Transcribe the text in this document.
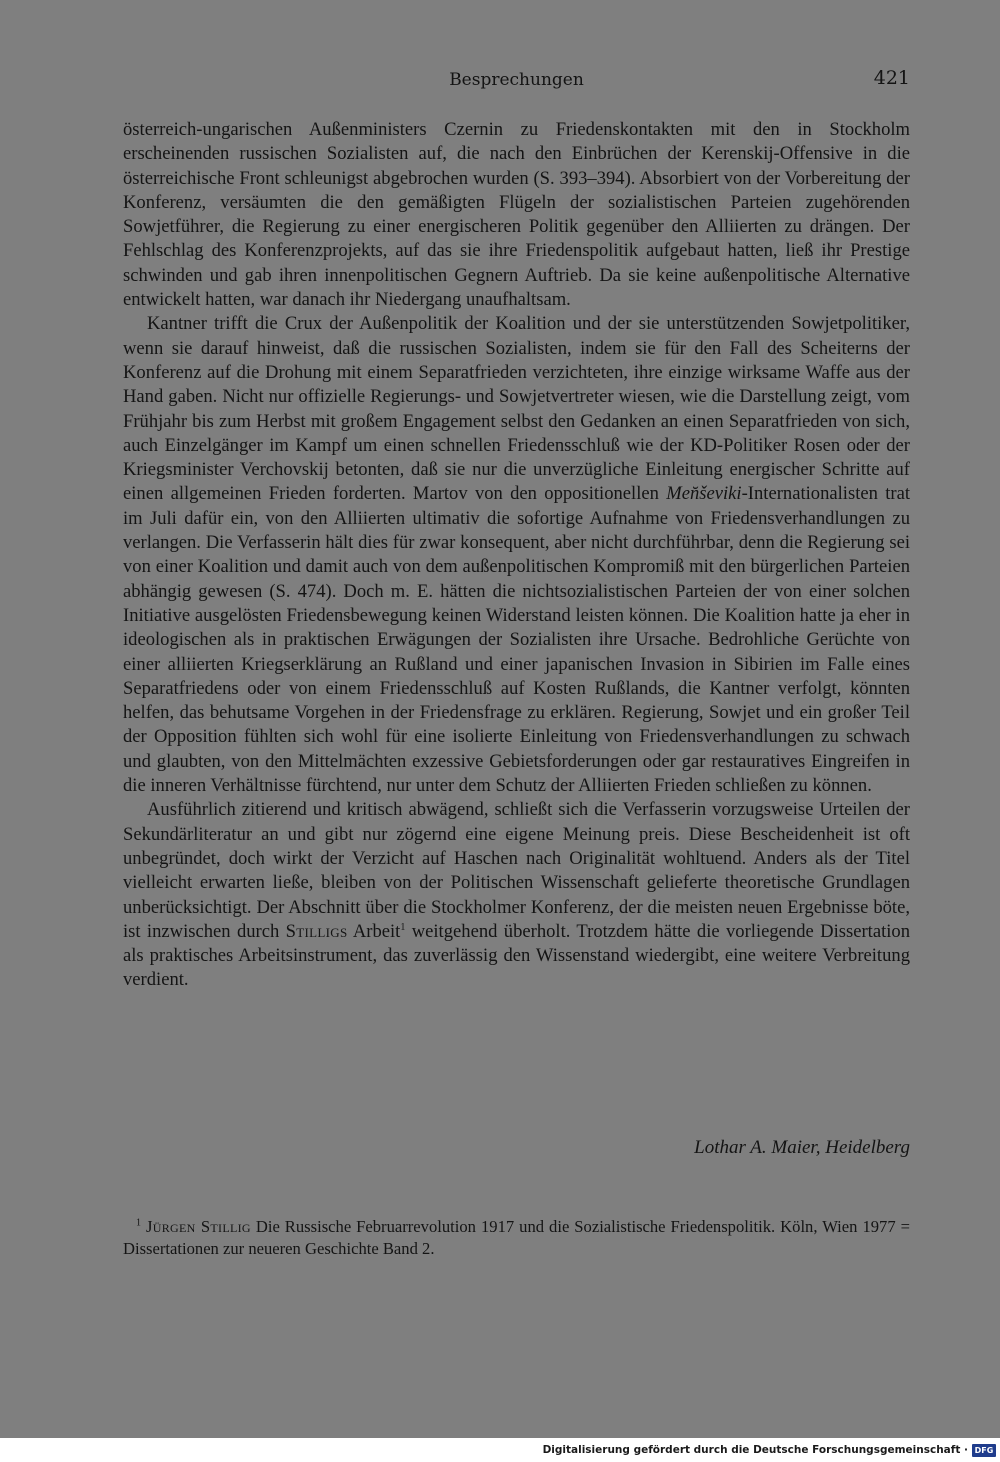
Besprechungen	421

österreich-ungarischen Außenministers Czernin zu Friedenskontakten mit den in Stockholm erscheinenden russischen Sozialisten auf, die nach den Einbrüchen der Kerenskij-Offensive in die österreichische Front schleunigst abgebrochen wurden (S. 393–394). Absorbiert von der Vorbereitung der Konferenz, versäumten die den gemäßigten Flügeln der sozialistischen Parteien zugehörenden Sowjetführer, die Regierung zu einer energischeren Politik gegenüber den Alliierten zu drängen. Der Fehlschlag des Konferenzprojekts, auf das sie ihre Friedenspolitik aufgebaut hatten, ließ ihr Prestige schwinden und gab ihren innenpolitischen Gegnern Auftrieb. Da sie keine außenpolitische Alternative entwickelt hatten, war danach ihr Niedergang unaufhaltsam.

Kantner trifft die Crux der Außenpolitik der Koalition und der sie unterstützenden Sowjetpolitiker, wenn sie darauf hinweist, daß die russischen Sozialisten, indem sie für den Fall des Scheiterns der Konferenz auf die Drohung mit einem Separatfrieden verzichteten, ihre einzige wirksame Waffe aus der Hand gaben. Nicht nur offizielle Regierungs- und Sowjetvertreter wiesen, wie die Darstellung zeigt, vom Frühjahr bis zum Herbst mit großem Engagement selbst den Gedanken an einen Separatfrieden von sich, auch Einzelgänger im Kampf um einen schnellen Friedensschluß wie der KD-Politiker Rosen oder der Kriegsminister Verchovskij betonten, daß sie nur die unverzügliche Einleitung energischer Schritte auf einen allgemeinen Frieden forderten. Martov von den oppositionellen Men̆ševiki-Internationalisten trat im Juli dafür ein, von den Alliierten ultimativ die sofortige Aufnahme von Friedensverhandlungen zu verlangen. Die Verfasserin hält dies für zwar konsequent, aber nicht durchführbar, denn die Regierung sei von einer Koalition und damit auch von dem außenpolitischen Kompromiß mit den bürgerlichen Parteien abhängig gewesen (S. 474). Doch m. E. hätten die nichtsozialistischen Parteien der von einer solchen Initiative ausgelösten Friedensbewegung keinen Widerstand leisten können. Die Koalition hatte ja eher in ideologischen als in praktischen Erwägungen der Sozialisten ihre Ursache. Bedrohliche Gerüchte von einer alliierten Kriegserklärung an Rußland und einer japanischen Invasion in Sibirien im Falle eines Separatfriedens oder von einem Friedensschluß auf Kosten Rußlands, die Kantner verfolgt, könnten helfen, das behutsame Vorgehen in der Friedensfrage zu erklären. Regierung, Sowjet und ein großer Teil der Opposition fühlten sich wohl für eine isolierte Einleitung von Friedensverhandlungen zu schwach und glaubten, von den Mittelmächten exzessive Gebietsforderungen oder gar restauratives Eingreifen in die inneren Verhältnisse fürchtend, nur unter dem Schutz der Alliierten Frieden schließen zu können.

Ausführlich zitierend und kritisch abwägend, schließt sich die Verfasserin vorzugsweise Urteilen der Sekundärliteratur an und gibt nur zögernd eine eigene Meinung preis. Diese Bescheidenheit ist oft unbegründet, doch wirkt der Verzicht auf Haschen nach Originalität wohltuend. Anders als der Titel vielleicht erwarten ließe, bleiben von der Politischen Wissenschaft gelieferte theoretische Grundlagen unberücksichtigt. Der Abschnitt über die Stockholmer Konferenz, der die meisten neuen Ergebnisse böte, ist inzwischen durch Stilligs Arbeit$^1$ weitgehend überholt. Trotzdem hätte die vorliegende Dissertation als praktisches Arbeitsinstrument, das zuverlässig den Wissenstand wiedergibt, eine weitere Verbreitung verdient.

Lothar A. Maier, Heidelberg
$^1$ Jürgen Stillig Die Russische Februarrevolution 1917 und die Sozialistische Friedenspolitik. Köln, Wien 1977 = Dissertationen zur neueren Geschichte Band 2.
Digitalisierung gefördert durch die Deutsche Forschungsgemeinschaft · DFG
